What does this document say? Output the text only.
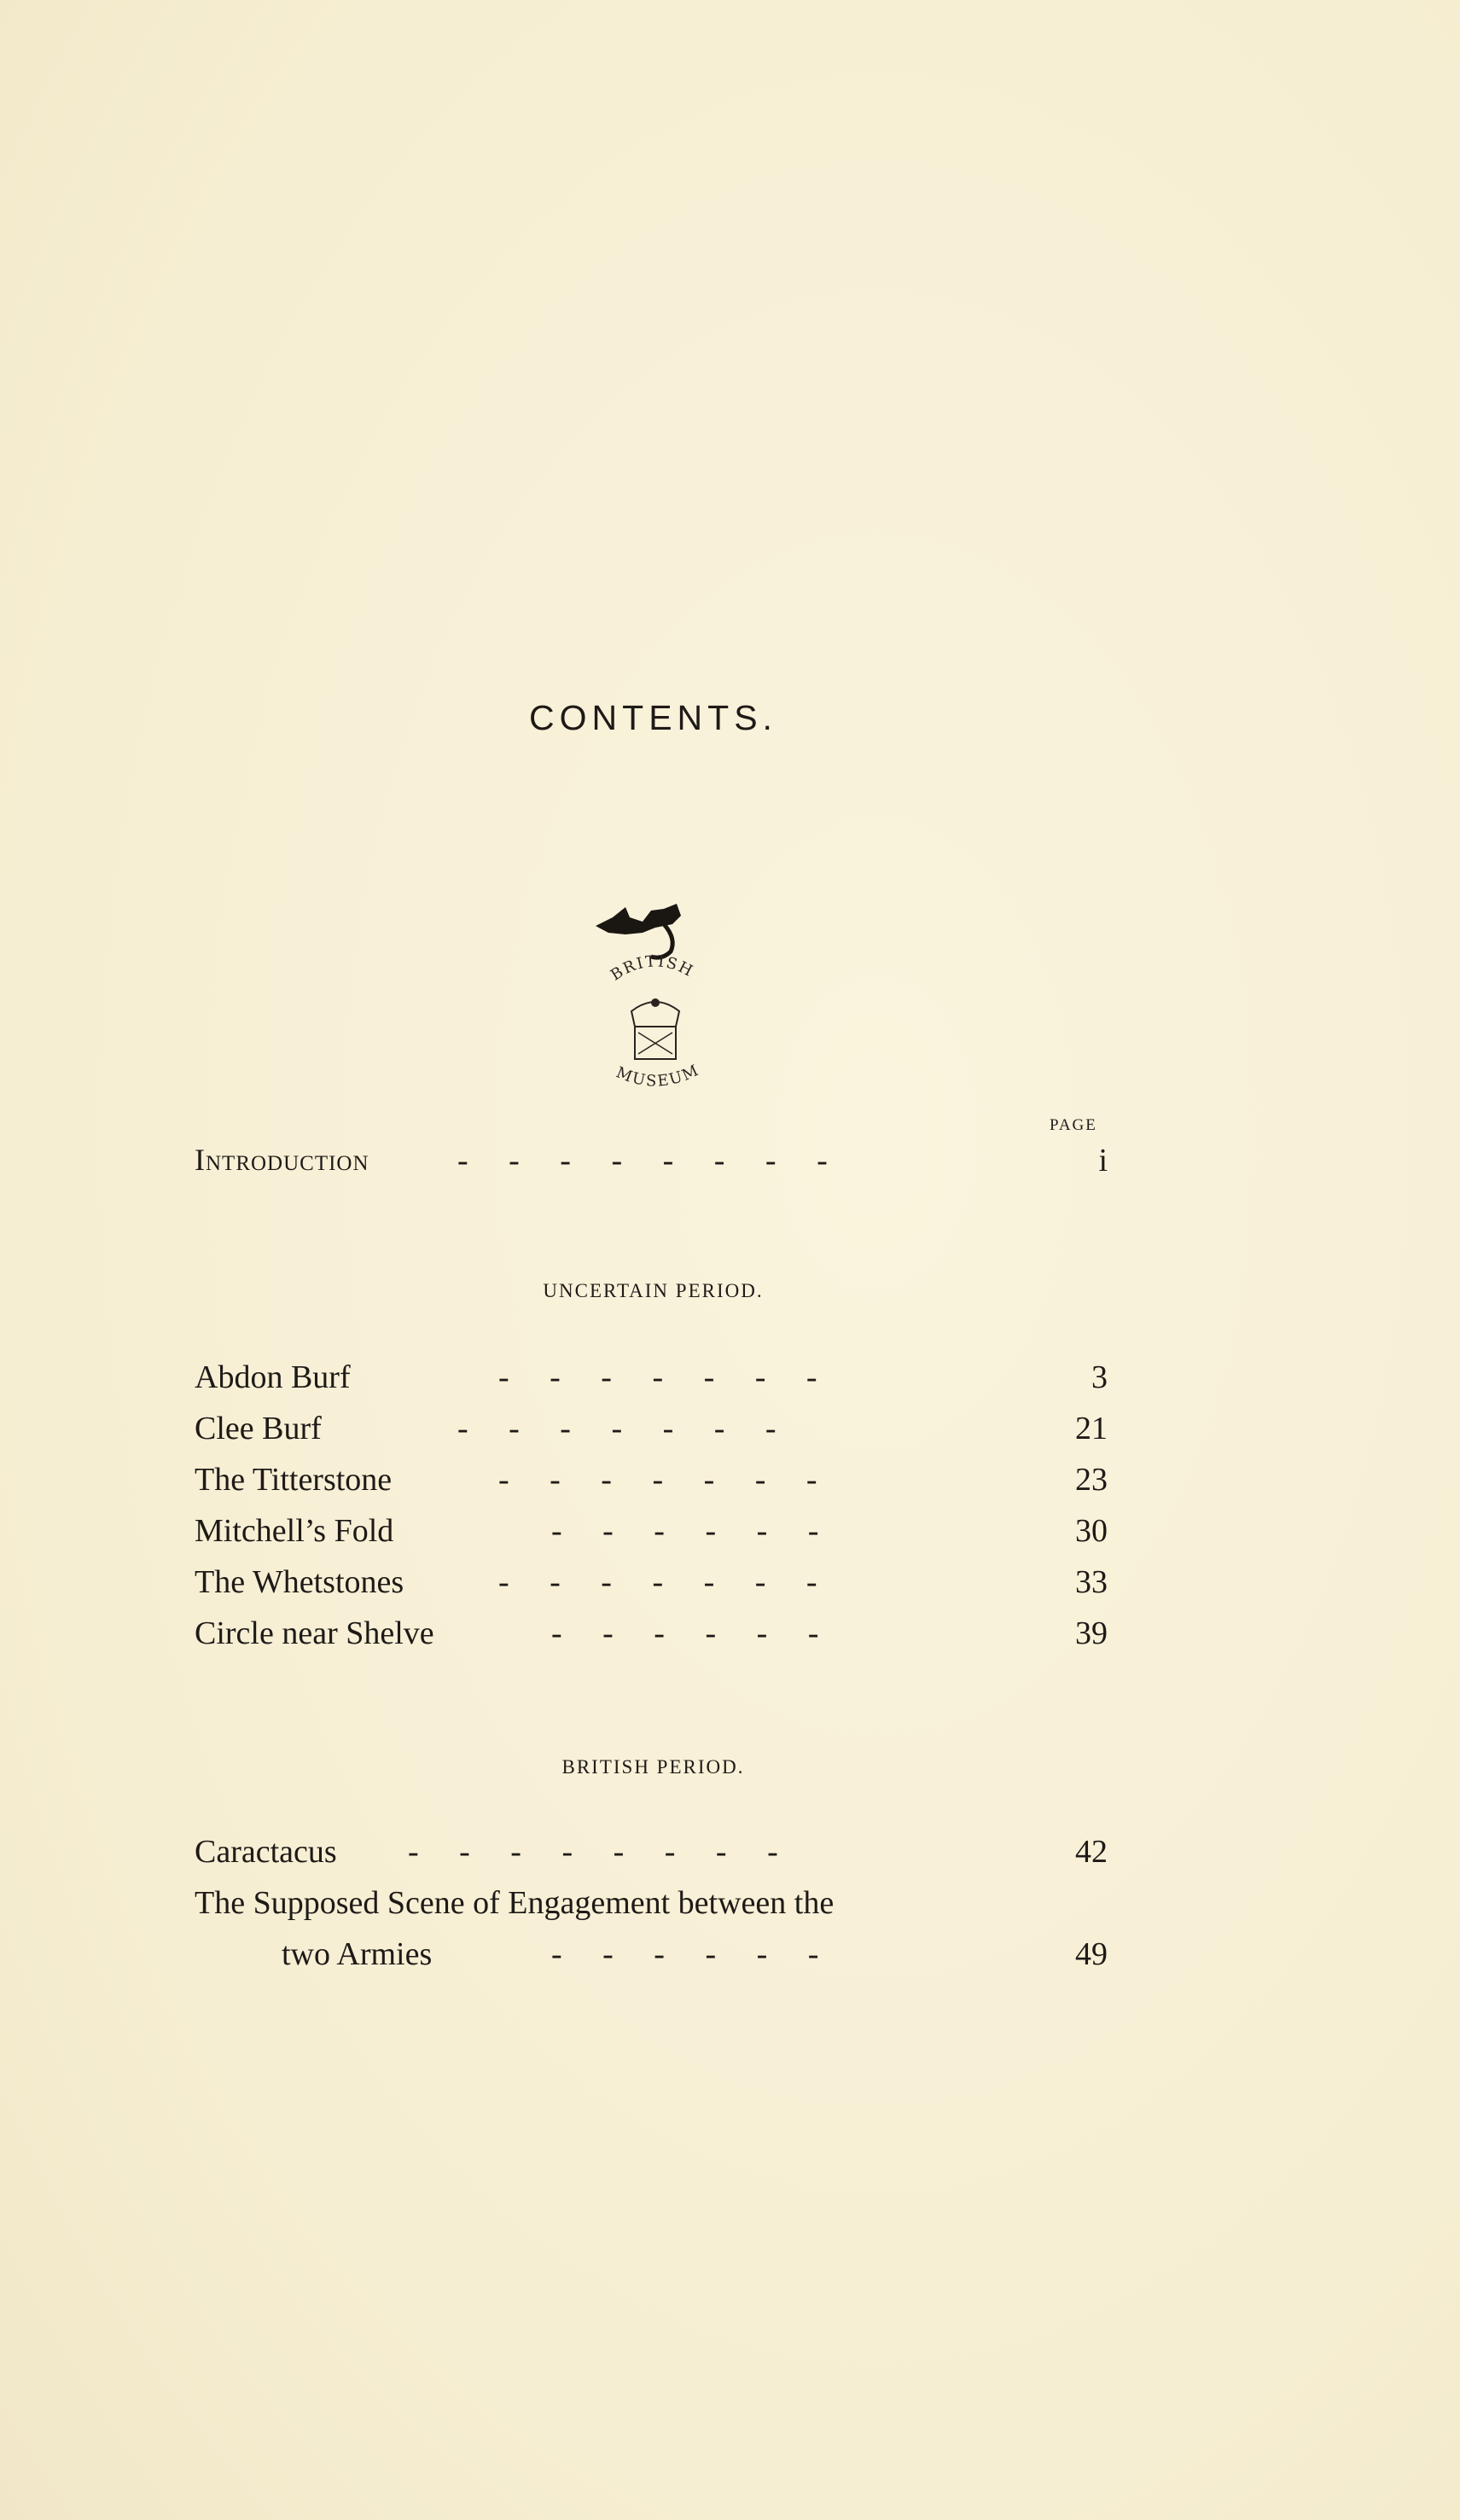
CONTENTS.
BRITISH
MUSEUM
PAGE
Introduction	- - - - - - - -	i
UNCERTAIN PERIOD.
Abdon Burf	- - - - - - -	3
Clee Burf	- - - - - - -	21
The Titterstone	- - - - - - -	23
Mitchell’s Fold	- - - - - -	30
The Whetstones	- - - - - - -	33
Circle near Shelve	- - - - - -	39
BRITISH PERIOD.
Caractacus - - - - - - - -	42
The Supposed Scene of Engagement between the
two Armies	- - - - - -	49
